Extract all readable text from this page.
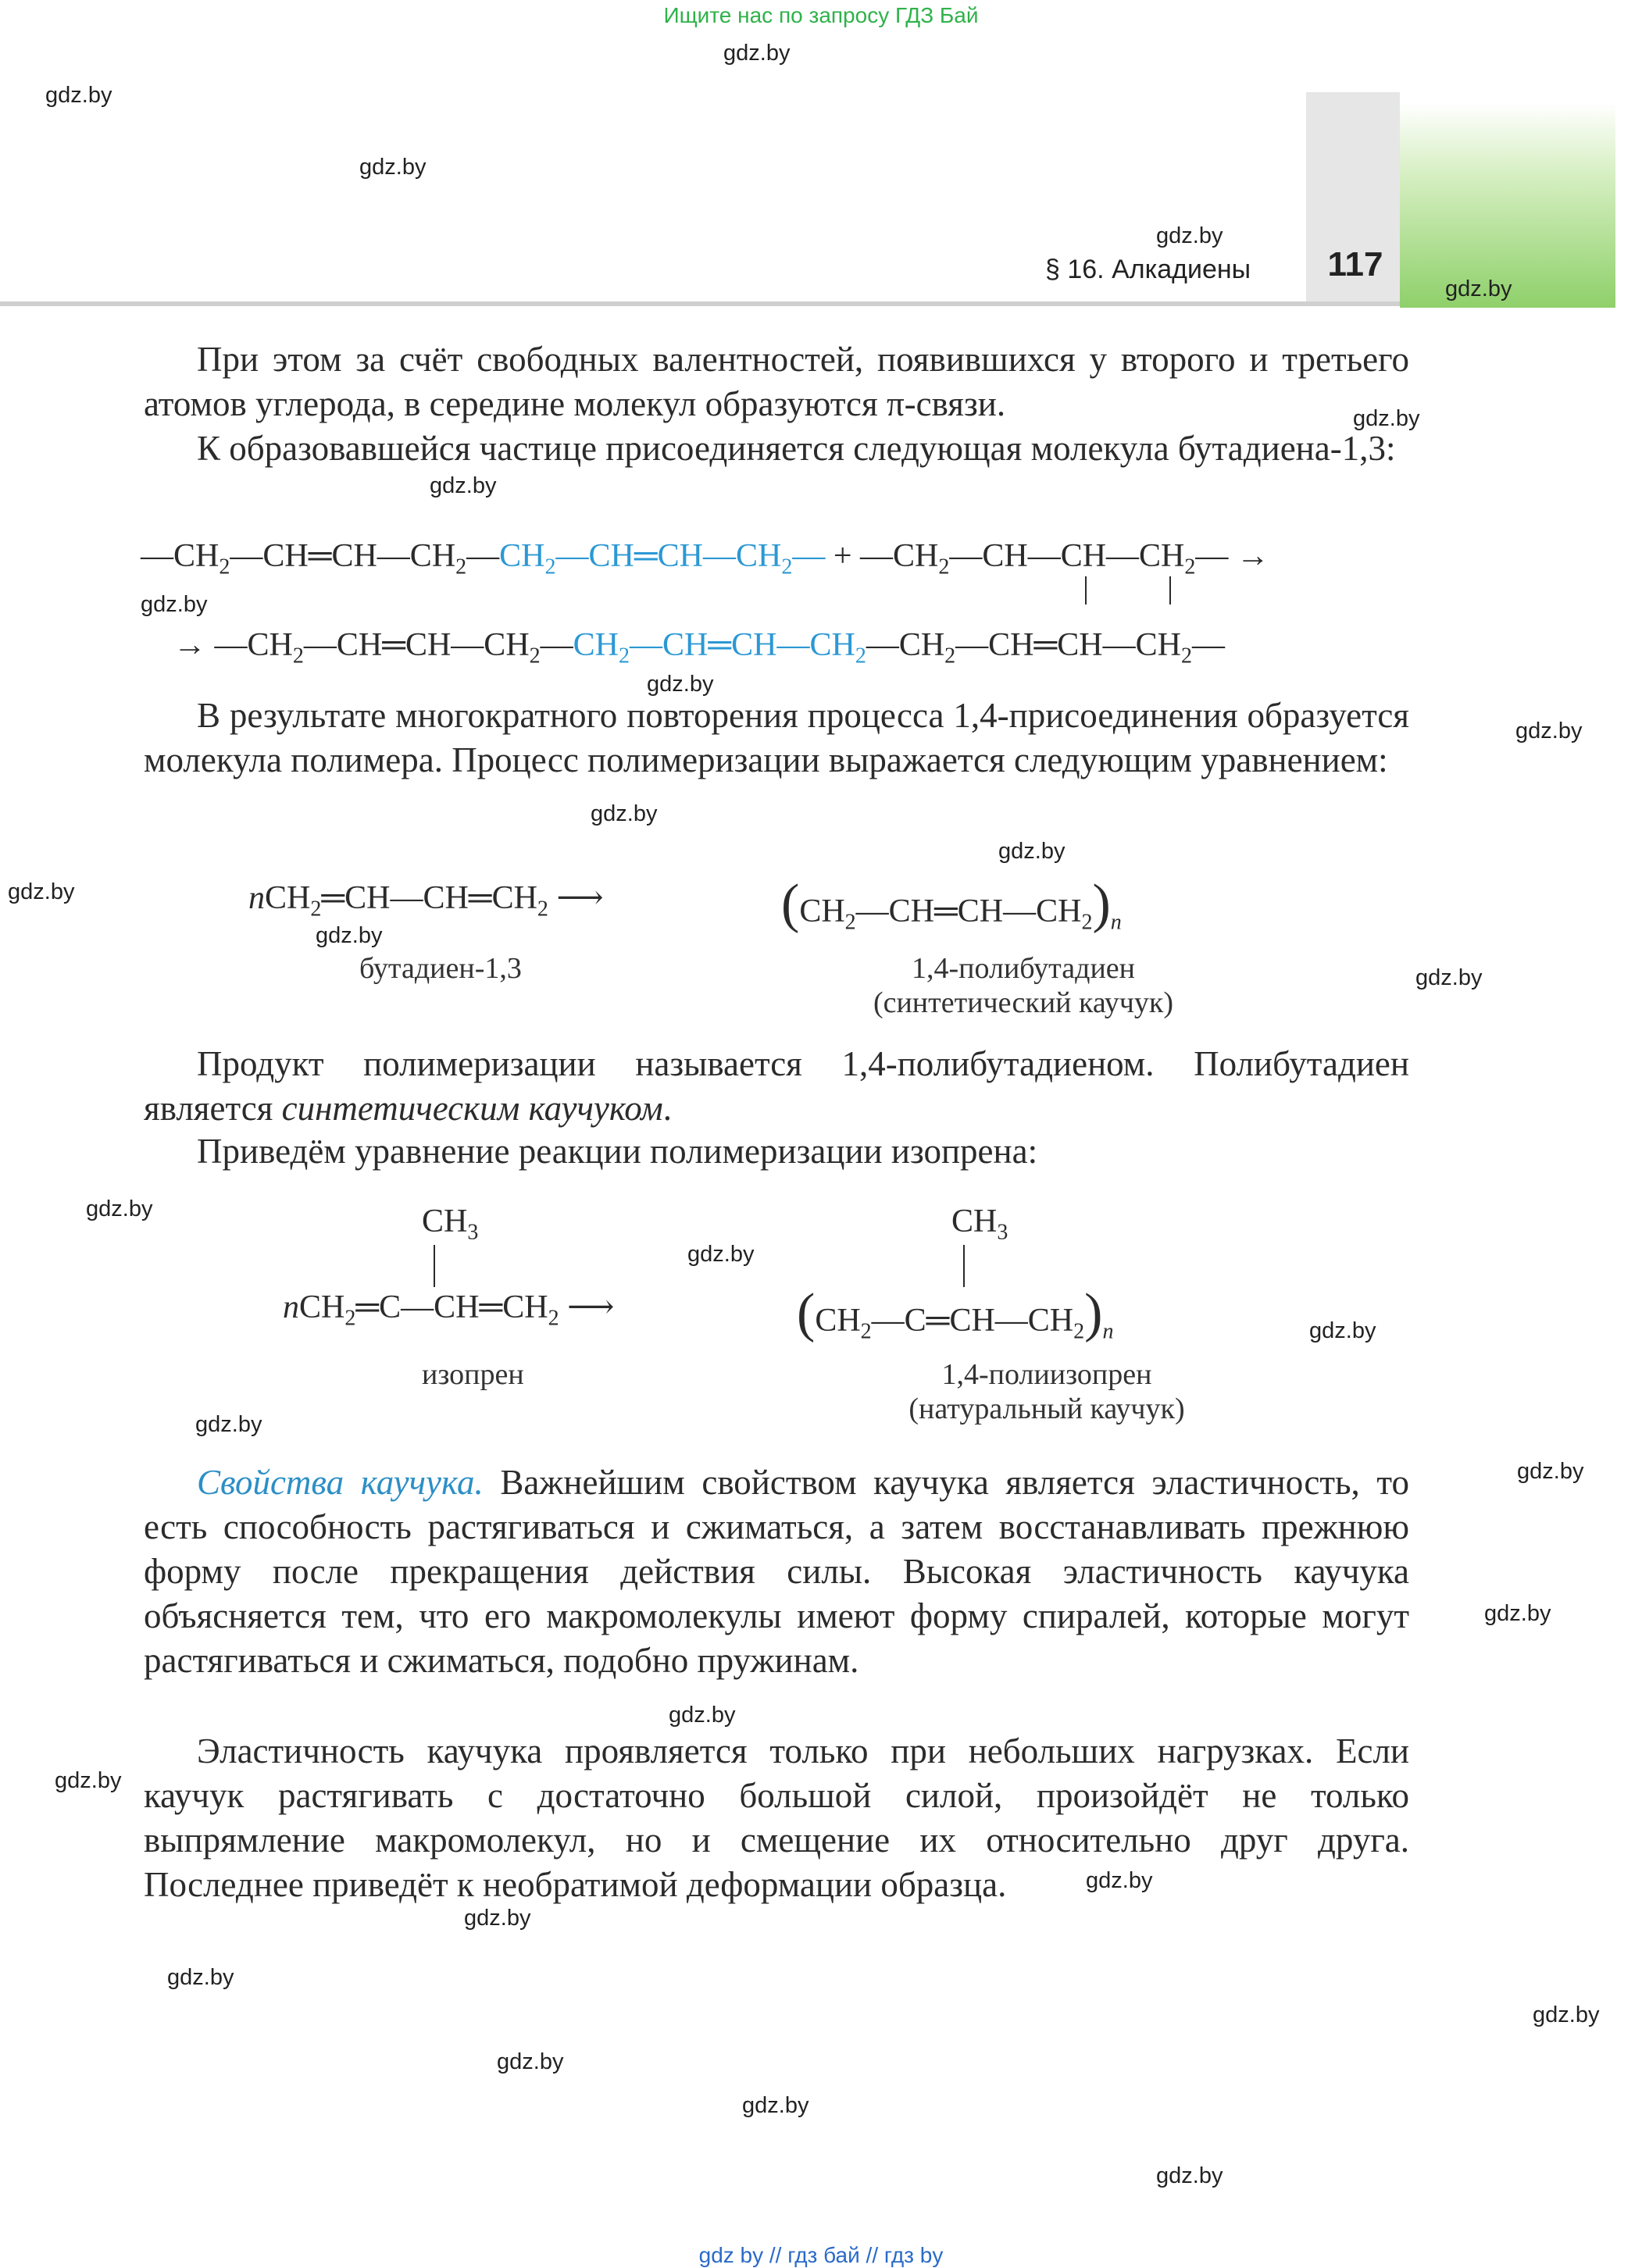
Ищите нас по запросу ГДЗ Бай
§ 16. Алкадиены 117
gdz.by
gdz.by
gdz.by
gdz.by
gdz.by
gdz.by
gdz.by
gdz.by
gdz.by
gdz.by
gdz.by
gdz.by
gdz.by
gdz.by
gdz.by
gdz.by
gdz.by
gdz.by
gdz.by
gdz.by
gdz.by
gdz.by
gdz.by
gdz.by
gdz.by
gdz.by
gdz.by
gdz.by
gdz.by
gdz.by

При этом за счёт свободных валентностей, появившихся у второго и третьего атомов углерода, в середине молекул образуются π-связи.

К образовавшейся частице присоединяется следующая молекула бутадиена-1,3:

$—CH_2—CH═CH—CH_2—CH_2—CH═CH—CH_2—$ + $—CH_2—CH—CH—CH_2—$ →
→ $—CH_2—CH═CH—CH_2—CH_2—CH═CH—CH_2—CH_2—CH═CH—CH_2—$

В результате многократного повторения процесса 1,4-присоединения образуется молекула полимера. Процесс полимеризации выражается следующим уравнением:

$nCH_2═CH—CH═CH_2$ ⟶	$(CH_2—CH═CH—CH_2)_n$
бутадиен-1,3	1,4-полибутадиен
(синтетический каучук)

Продукт полимеризации называется 1,4-полибутадиеном. Полибутадиен является синтетическим каучуком.

Приведём уравнение реакции полимеризации изопрена:

$CH_3$	$CH_3$
$nCH_2═C—CH═CH_2$ ⟶	$(CH_2—C═CH—CH_2)_n$
изопрен	1,4-полиизопрен
(натуральный каучук)

Свойства каучука. Важнейшим свойством каучука является эластичность, то есть способность растягиваться и сжиматься, а затем восстанавливать прежнюю форму после прекращения действия силы. Высокая эластичность каучука объясняется тем, что его макромолекулы имеют форму спиралей, которые могут растягиваться и сжиматься, подобно пружинам.

Эластичность каучука проявляется только при небольших нагрузках. Если каучук растягивать с достаточно большой силой, произойдёт не только выпрямление макромолекул, но и смещение их относительно друг друга. Последнее приведёт к необратимой деформации образца.

gdz by // гдз бай // гдз by
